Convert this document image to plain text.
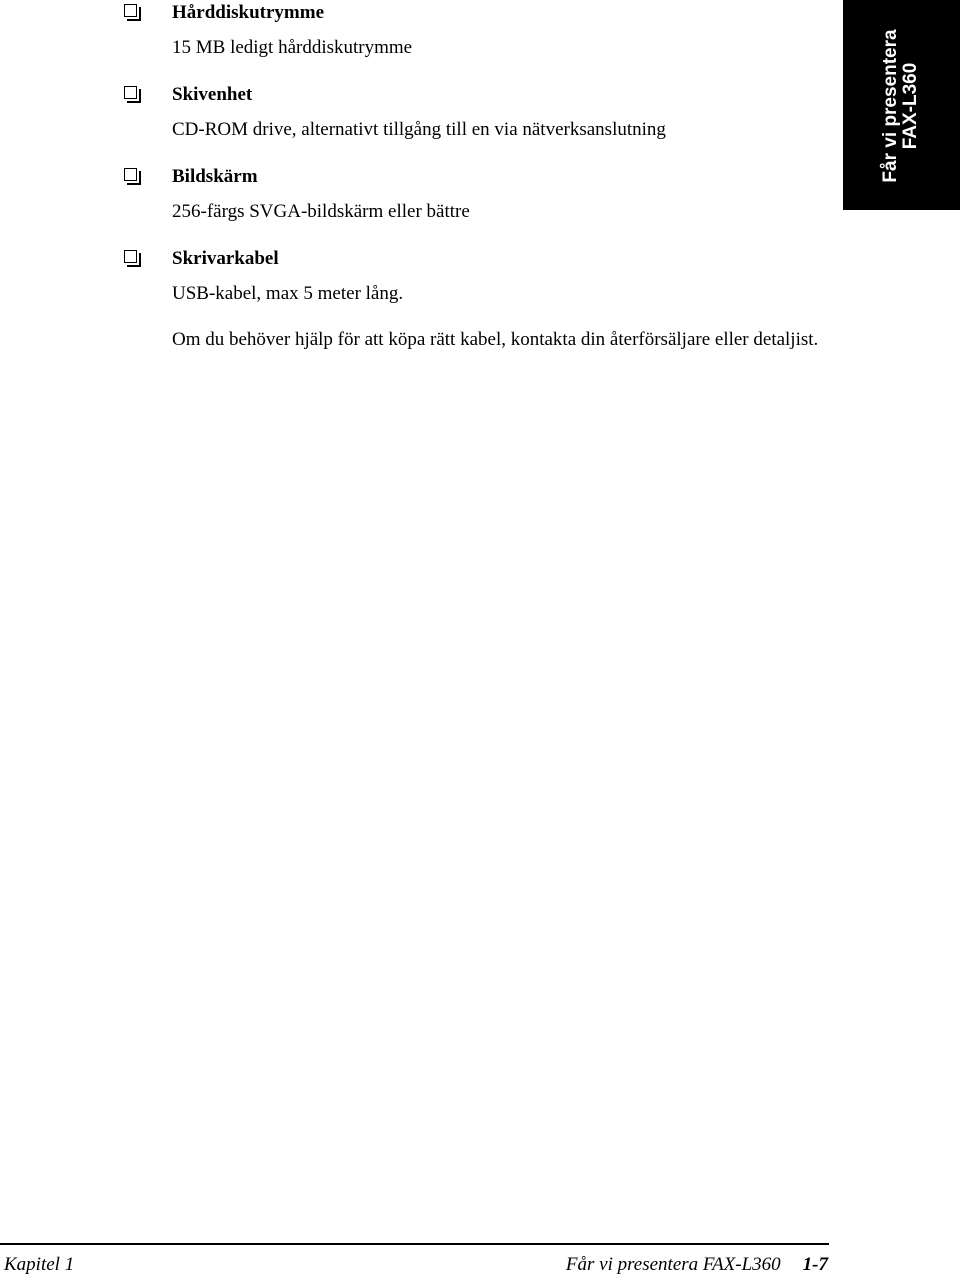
Hårddiskutrymme
15 MB ledigt hårddiskutrymme
Skivenhet
CD-ROM drive, alternativt tillgång till en via nätverksanslutning
Bildskärm
256-färgs SVGA-bildskärm eller bättre
Skrivarkabel
USB-kabel, max 5 meter lång.

Om du behöver hjälp för att köpa rätt kabel, kontakta din återförsäljare eller detaljist.

Får vi presentera FAX-L360
Kapitel 1	Får vi presentera FAX-L360 1-7
